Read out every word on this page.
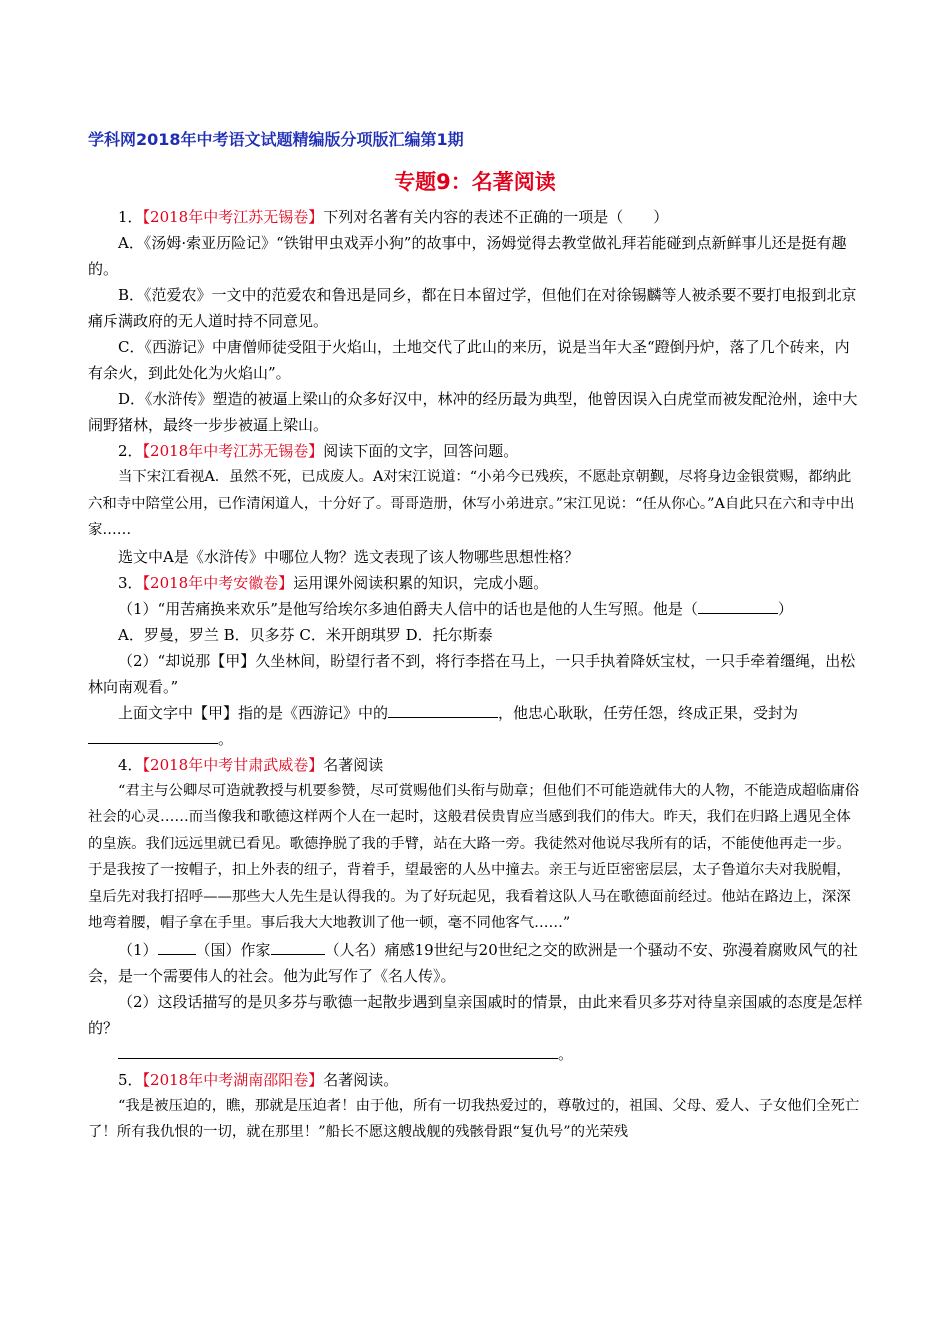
学科网2018年中考语文试题精编版分项版汇编第1期
专题9：名著阅读

1．【2018年中考江苏无锡卷】下列对名著有关内容的表述不正确的一项是（　　）

A．《汤姆·索亚历险记》“铁钳甲虫戏弄小狗”的故事中，汤姆觉得去教堂做礼拜若能碰到点新鲜事儿还是挺有趣的。

B．《范爱农》一文中的范爱农和鲁迅是同乡，都在日本留过学，但他们在对徐锡麟等人被杀要不要打电报到北京痛斥满政府的无人道时持不同意见。

C．《西游记》中唐僧师徒受阻于火焰山，土地交代了此山的来历，说是当年大圣“蹬倒丹炉，落了几个砖来，内有余火，到此处化为火焰山”。

D．《水浒传》塑造的被逼上梁山的众多好汉中，林冲的经历最为典型，他曾因误入白虎堂而被发配沧州，途中大闹野猪林，最终一步步被逼上梁山。

2．【2018年中考江苏无锡卷】阅读下面的文字，回答问题。

当下宋江看视A．虽然不死，已成废人。A对宋江说道：“小弟今已残疾，不愿赴京朝觐，尽将身边金银赏赐，都纳此六和寺中陪堂公用，已作清闲道人，十分好了。哥哥造册，休写小弟进京。”宋江见说：“任从你心。”A自此只在六和寺中出家……

选文中A是《水浒传》中哪位人物？选文表现了该人物哪些思想性格？

3．【2018年中考安徽卷】运用课外阅读积累的知识，完成小题。

（1）“用苦痛换来欢乐”是他写给埃尔多迪伯爵夫人信中的话也是他的人生写照。他是（	）

A．罗曼，罗兰 B．贝多芬 C．米开朗琪罗 D．托尔斯泰

（2）“却说那【甲】久坐林间，盼望行者不到，将行李搭在马上，一只手执着降妖宝杖，一只手牵着缰绳，出松林向南观看。”

上面文字中【甲】指的是《西游记》中的	，他忠心耿耿，任劳任怨，终成正果，受封为。

4．【2018年中考甘肃武威卷】名著阅读

“君主与公卿尽可造就教授与机要参赞，尽可赏赐他们头衔与勋章；但他们不可能造就伟大的人物，不能造成超临庸俗社会的心灵……而当像我和歌德这样两个人在一起时，这般君侯贵胄应当感到我们的伟大。昨天，我们在归路上遇见全体的皇族。我们远远里就已看见。歌德挣脱了我的手臂，站在大路一旁。我徒然对他说尽我所有的话，不能使他再走一步。于是我按了一按帽子，扣上外表的纽子，背着手，望最密的人丛中撞去。亲王与近臣密密层层，太子鲁道尔夫对我脱帽，皇后先对我打招呼——那些大人先生是认得我的。为了好玩起见，我看着这队人马在歌德面前经过。他站在路边上，深深地弯着腰，帽子拿在手里。事后我大大地教训了他一顿，毫不同他客气……”

（1）	（国）作家	（人名）痛感19世纪与20世纪之交的欧洲是一个骚动不安、弥漫着腐败风气的社会，是一个需要伟人的社会。他为此写作了《名人传》。

（2）这段话描写的是贝多芬与歌德一起散步遇到皇亲国戚时的情景，由此来看贝多芬对待皇亲国戚的态度是怎样的？

。

5．【2018年中考湖南邵阳卷】名著阅读。

“我是被压迫的，瞧，那就是压迫者！由于他，所有一切我热爱过的，尊敬过的，祖国、父母、爱人、子女他们全死亡了！所有我仇恨的一切，就在那里！”船长不愿这艘战舰的残骸骨跟“复仇号”的光荣残
